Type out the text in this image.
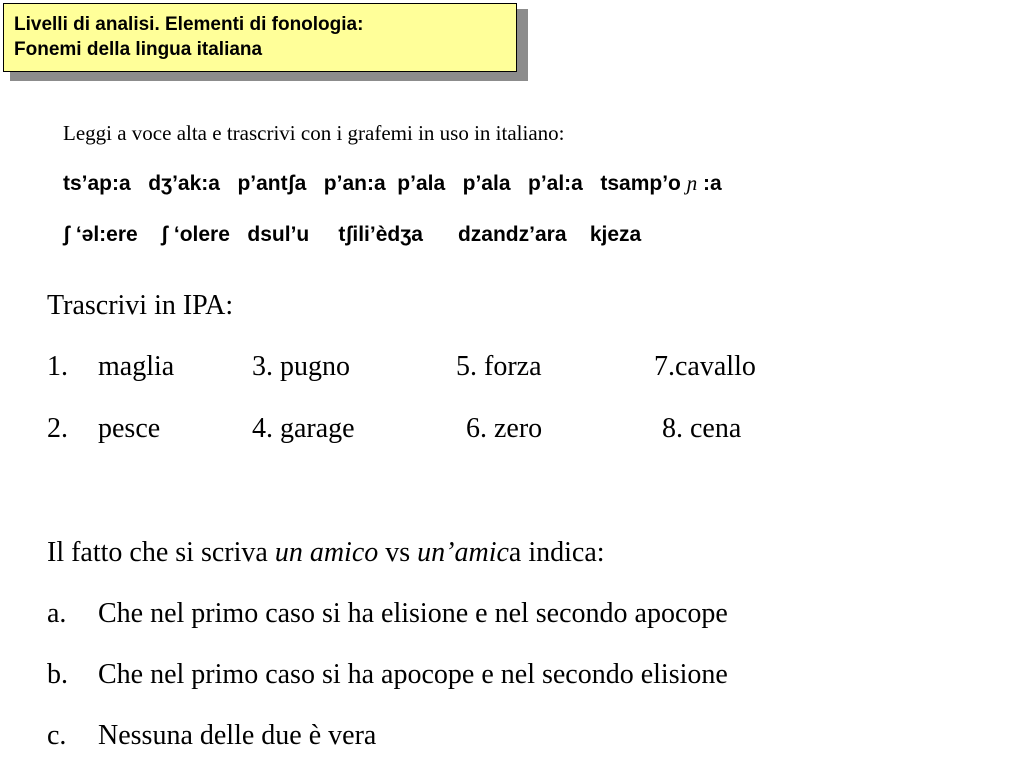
Livelli di analisi. Elementi di fonologia:
Fonemi della lingua italiana
Leggi a voce alta e trascrivi con i grafemi in uso in italiano:
ts’ap:a   dʒ’ak:a   p’antʃa   p’an:a  p’ala   p’ala   p’al:a   tsamp’o ɲ :a
ʃ ‘əl:ere    ʃ ‘olere   dsul’u     tʃili’èdʒa      dzandz’ara    kjeza
Trascrivi in IPA:
1. maglia	3. pugno	5. forza	7.cavallo
2. pesce	4. garage	6. zero	8. cena
Il fatto che si scriva un amico vs un’amica indica:
a. Che nel primo caso si ha elisione e nel secondo apocope
b. Che nel primo caso si ha apocope e nel secondo elisione
c. Nessuna delle due è vera
